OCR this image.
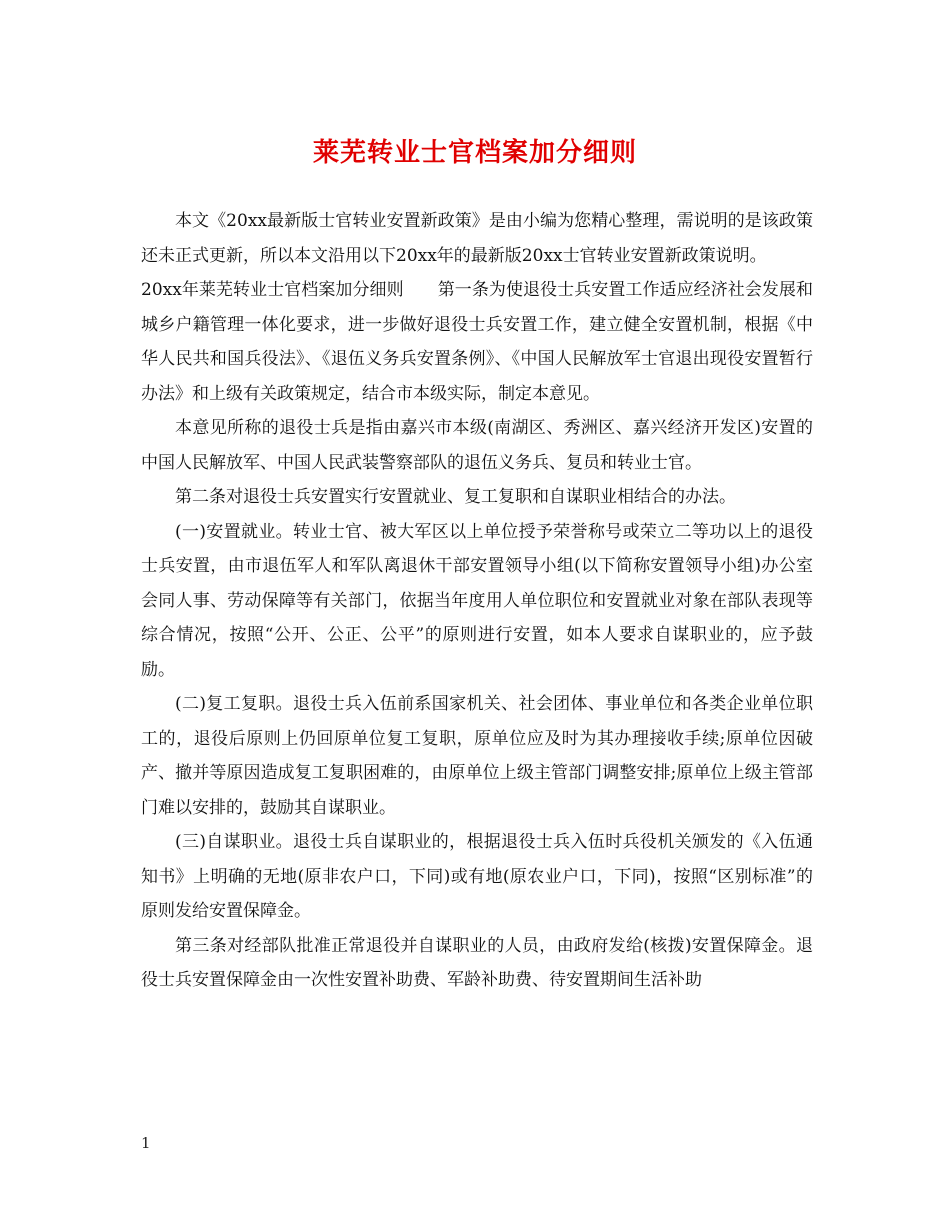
莱芜转业士官档案加分细则

本文《20xx最新版士官转业安置新政策》是由小编为您精心整理，需说明的是该政策还未正式更新，所以本文沿用以下20xx年的最新版20xx士官转业安置新政策说明。

20xx年莱芜转业士官档案加分细则　　第一条为使退役士兵安置工作适应经济社会发展和城乡户籍管理一体化要求，进一步做好退役士兵安置工作，建立健全安置机制，根据《中华人民共和国兵役法》、《退伍义务兵安置条例》、《中国人民解放军士官退出现役安置暂行办法》和上级有关政策规定，结合市本级实际，制定本意见。

本意见所称的退役士兵是指由嘉兴市本级(南湖区、秀洲区、嘉兴经济开发区)安置的中国人民解放军、中国人民武装警察部队的退伍义务兵、复员和转业士官。

第二条对退役士兵安置实行安置就业、复工复职和自谋职业相结合的办法。

(一)安置就业。转业士官、被大军区以上单位授予荣誉称号或荣立二等功以上的退役士兵安置，由市退伍军人和军队离退休干部安置领导小组(以下简称安置领导小组)办公室会同人事、劳动保障等有关部门，依据当年度用人单位职位和安置就业对象在部队表现等综合情况，按照“公开、公正、公平”的原则进行安置，如本人要求自谋职业的，应予鼓励。

(二)复工复职。退役士兵入伍前系国家机关、社会团体、事业单位和各类企业单位职工的，退役后原则上仍回原单位复工复职，原单位应及时为其办理接收手续;原单位因破产、撤并等原因造成复工复职困难的，由原单位上级主管部门调整安排;原单位上级主管部门难以安排的，鼓励其自谋职业。

(三)自谋职业。退役士兵自谋职业的，根据退役士兵入伍时兵役机关颁发的《入伍通知书》上明确的无地(原非农户口，下同)或有地(原农业户口，下同)，按照“区别标准”的原则发给安置保障金。

第三条对经部队批准正常退役并自谋职业的人员，由政府发给(核拨)安置保障金。退役士兵安置保障金由一次性安置补助费、军龄补助费、待安置期间生活补助

1
